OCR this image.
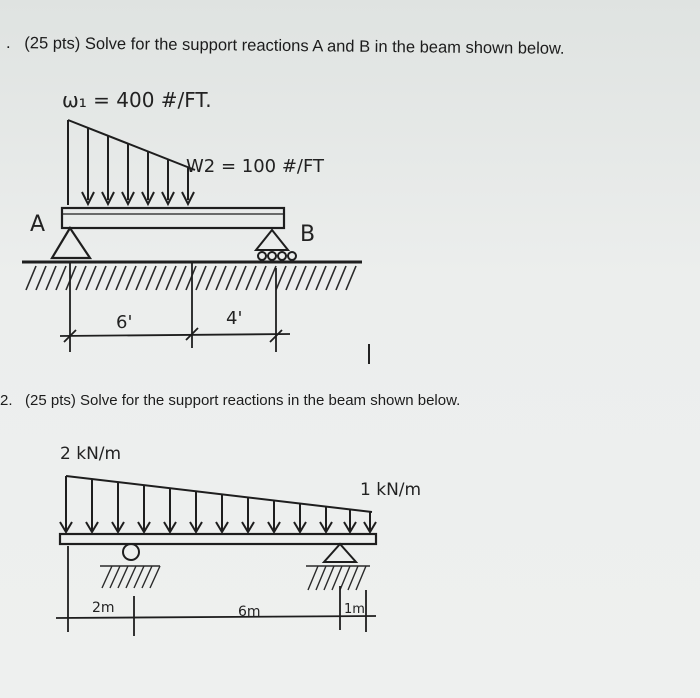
. (25 pts) Solve for the support reactions A and B in the beam shown below.
ω₁ = 400 #/FT.
W2 = 100 #/FT
A	B
6'	4'
2. (25 pts) Solve for the support reactions in the beam shown below.
2 kN/m
1 kN/m
2m	6m	1m
